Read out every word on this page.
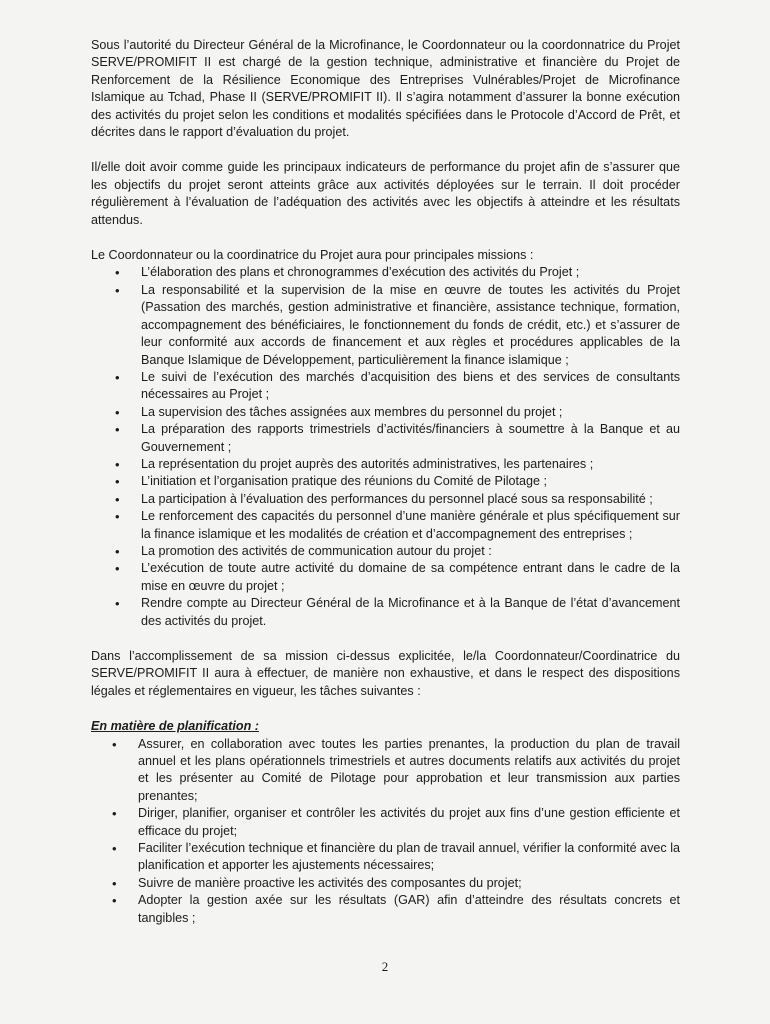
Sous l’autorité du Directeur Général de la Microfinance, le Coordonnateur ou la coordonnatrice du Projet SERVE/PROMIFIT II est chargé de la gestion technique, administrative et financière du Projet de Renforcement de la Résilience Economique des Entreprises Vulnérables/Projet de Microfinance Islamique au Tchad, Phase II (SERVE/PROMIFIT II). Il s’agira notamment d’assurer la bonne exécution des activités du projet selon les conditions et modalités spécifiées dans le Protocole d’Accord de Prêt, et décrites dans le rapport d’évaluation du projet.

Il/elle doit avoir comme guide les principaux indicateurs de performance du projet afin de s’assurer que les objectifs du projet seront atteints grâce aux activités déployées sur le terrain. Il doit procéder régulièrement à l’évaluation de l’adéquation des activités avec les objectifs à atteindre et les résultats attendus.

Le Coordonnateur ou la coordinatrice du Projet aura pour principales missions :

• L’élaboration des plans et chronogrammes d’exécution des activités du Projet ;
• La responsabilité et la supervision de la mise en œuvre de toutes les activités du Projet (Passation des marchés, gestion administrative et financière, assistance technique, formation, accompagnement des bénéficiaires, le fonctionnement du fonds de crédit, etc.) et s’assurer de leur conformité aux accords de financement et aux règles et procédures applicables de la Banque Islamique de Développement, particulièrement la finance islamique ;
• Le suivi de l’exécution des marchés d’acquisition des biens et des services de consultants nécessaires au Projet ;
• La supervision des tâches assignées aux membres du personnel du projet ;
• La préparation des rapports trimestriels d’activités/financiers à soumettre à la Banque et au Gouvernement ;
• La représentation du projet auprès des autorités administratives, les partenaires ;
• L’initiation et l’organisation pratique des réunions du Comité de Pilotage ;
• La participation à l’évaluation des performances du personnel placé sous sa responsabilité ;
• Le renforcement des capacités du personnel d’une manière générale et plus spécifiquement sur la finance islamique et les modalités de création et d’accompagnement des entreprises ;
• La promotion des activités de communication autour du projet :
• L’exécution de toute autre activité du domaine de sa compétence entrant dans le cadre de la mise en œuvre du projet ;
• Rendre compte au Directeur Général de la Microfinance et à la Banque de l’état d’avancement des activités du projet.

Dans l’accomplissement de sa mission ci-dessus explicitée, le/la Coordonnateur/Coordinatrice du SERVE/PROMIFIT II aura à effectuer, de manière non exhaustive, et dans le respect des dispositions légales et réglementaires en vigueur, les tâches suivantes :

En matière de planification :

• Assurer, en collaboration avec toutes les parties prenantes, la production du plan de travail annuel et les plans opérationnels trimestriels et autres documents relatifs aux activités du projet et les présenter au Comité de Pilotage pour approbation et leur transmission aux parties prenantes;
• Diriger, planifier, organiser et contrôler les activités du projet aux fins d’une gestion efficiente et efficace du projet;
• Faciliter l’exécution technique et financière du plan de travail annuel, vérifier la conformité avec la planification et apporter les ajustements nécessaires;
• Suivre de manière proactive les activités des composantes du projet;
• Adopter la gestion axée sur les résultats (GAR) afin d’atteindre des résultats concrets et tangibles ;
2
